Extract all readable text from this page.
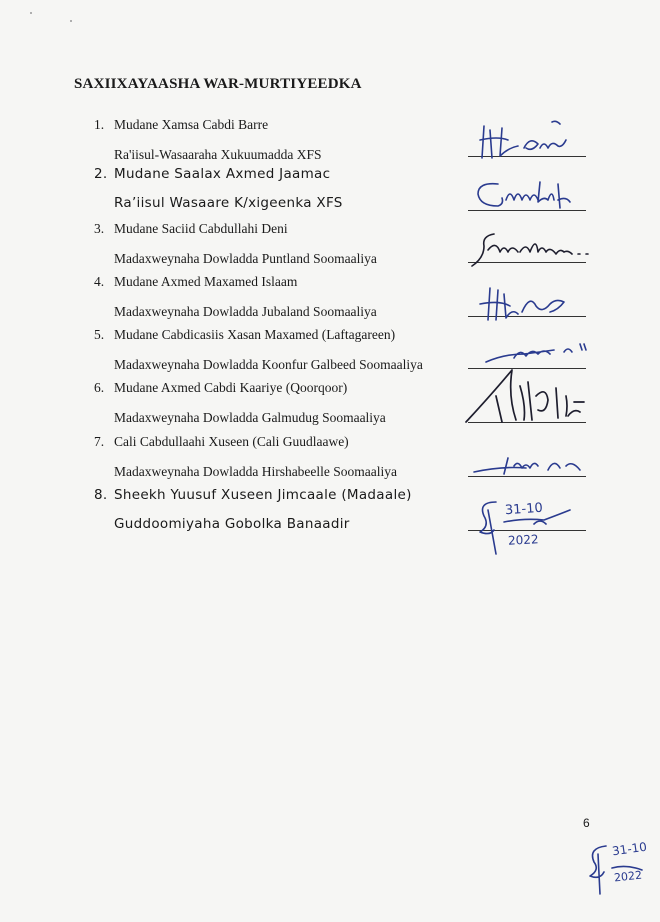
SAXIIXAYAASHA WAR-MURTIYEEDKA
1. Mudane Xamsa Cabdi Barre
Ra'iisul-Wasaaraha Xukuumadda XFS
2. Mudane Saalax Axmed Jaamac
Ra’iisul Wasaare K/xigeenka XFS
3. Mudane Saciid Cabdullahi Deni
Madaxweynaha Dowladda Puntland Soomaaliya
4. Mudane Axmed Maxamed Islaam
Madaxweynaha Dowladda Jubaland Soomaaliya
5. Mudane Cabdicasiis Xasan Maxamed (Laftagareen)
Madaxweynaha Dowladda Koonfur Galbeed Soomaaliya
6. Mudane Axmed Cabdi Kaariye (Qoorqoor)
Madaxweynaha Dowladda Galmudug Soomaaliya
7. Cali Cabdullaahi Xuseen (Cali Guudlaawe)
Madaxweynaha Dowladda Hirshabeelle Soomaaliya
8. Sheekh Yuusuf Xuseen Jimcaale (Madaale)
Guddoomiyaha Gobolka Banaadir
31-10
2022
6
31-10
2022
